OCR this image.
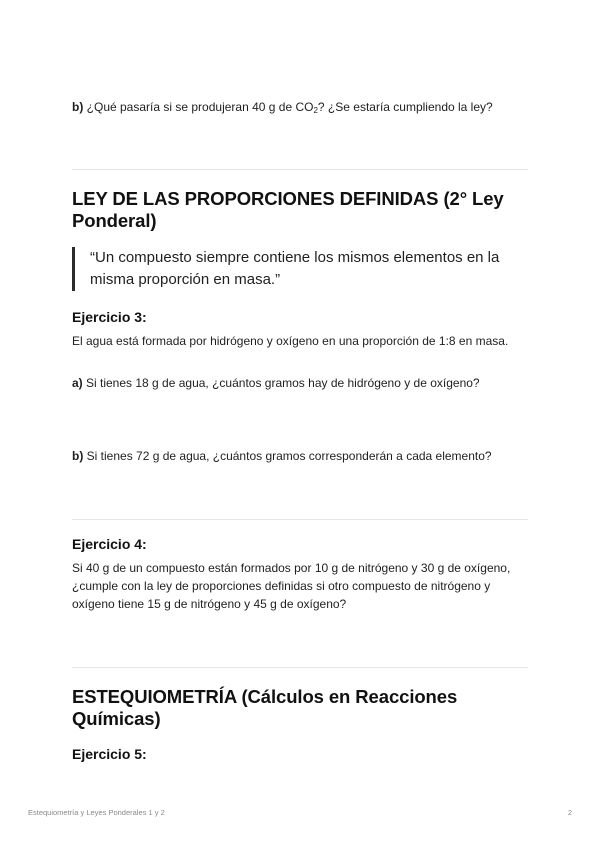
b) ¿Qué pasaría si se produjeran 40 g de $CO_2$? ¿Se estaría cumpliendo la ley?
LEY DE LAS PROPORCIONES DEFINIDAS (2° Ley Ponderal)
“Un compuesto siempre contiene los mismos elementos en la misma proporción en masa.”
Ejercicio 3:
El agua está formada por hidrógeno y oxígeno en una proporción de 1:8 en masa.
a) Si tienes 18 g de agua, ¿cuántos gramos hay de hidrógeno y de oxígeno?
b) Si tienes 72 g de agua, ¿cuántos gramos corresponderán a cada elemento?
Ejercicio 4:
Si 40 g de un compuesto están formados por 10 g de nitrógeno y 30 g de oxígeno, ¿cumple con la ley de proporciones definidas si otro compuesto de nitrógeno y oxígeno tiene 15 g de nitrógeno y 45 g de oxígeno?
ESTEQUIOMETRÍA (Cálculos en Reacciones Químicas)
Ejercicio 5:
Estequiometría y Leyes Ponderales 1 y 2	2
